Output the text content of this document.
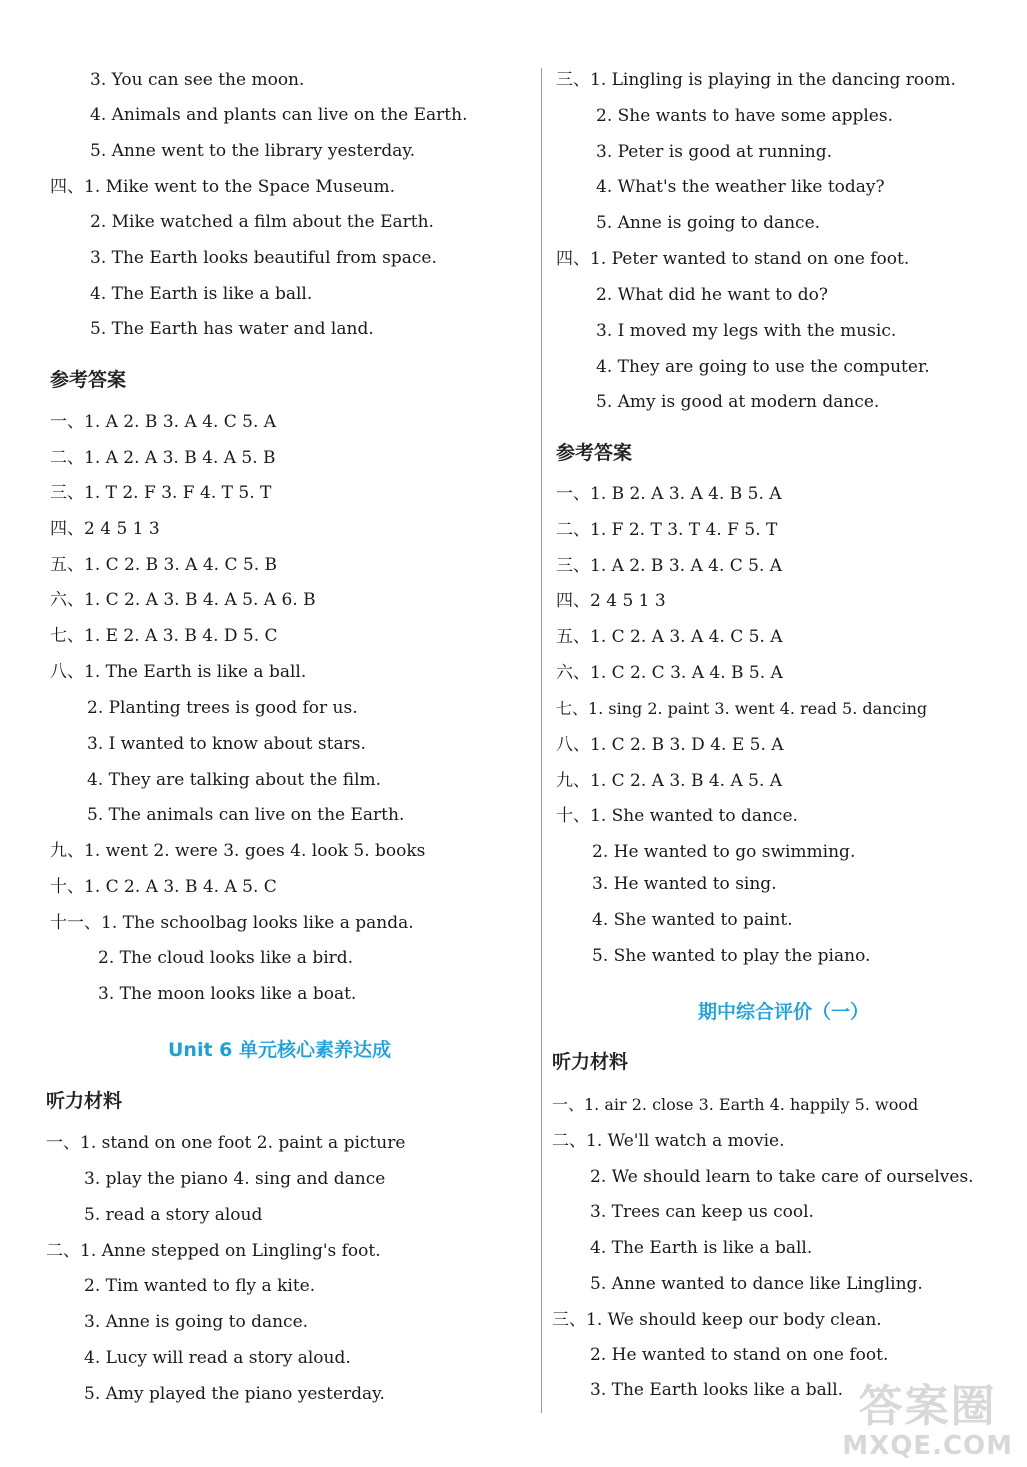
3. You can see the moon.
4. Animals and plants can live on the Earth.
5. Anne went to the library yesterday.
四、1. Mike went to the Space Museum.
2. Mike watched a film about the Earth.
3. The Earth looks beautiful from space.
4. The Earth is like a ball.
5. The Earth has water and land.
参考答案
一、1. A 2. B 3. A 4. C 5. A
二、1. A 2. A 3. B 4. A 5. B
三、1. T 2. F 3. F 4. T 5. T
四、2 4 5 1 3
五、1. C 2. B 3. A 4. C 5. B
六、1. C 2. A 3. B 4. A 5. A 6. B
七、1. E 2. A 3. B 4. D 5. C
八、1. The Earth is like a ball.
2. Planting trees is good for us.
3. I wanted to know about stars.
4. They are talking about the film.
5. The animals can live on the Earth.
九、1. went 2. were 3. goes 4. look 5. books
十、1. C 2. A 3. B 4. A 5. C
十一、1. The schoolbag looks like a panda.
2. The cloud looks like a bird.
3. The moon looks like a boat.
Unit 6 单元核心素养达成
听力材料
一、1. stand on one foot 2. paint a picture
3. play the piano 4. sing and dance
5. read a story aloud
二、1. Anne stepped on Lingling's foot.
2. Tim wanted to fly a kite.
3. Anne is going to dance.
4. Lucy will read a story aloud.
5. Amy played the piano yesterday.
三、1. Lingling is playing in the dancing room.
2. She wants to have some apples.
3. Peter is good at running.
4. What's the weather like today?
5. Anne is going to dance.
四、1. Peter wanted to stand on one foot.
2. What did he want to do?
3. I moved my legs with the music.
4. They are going to use the computer.
5. Amy is good at modern dance.
参考答案
一、1. B 2. A 3. A 4. B 5. A
二、1. F 2. T 3. T 4. F 5. T
三、1. A 2. B 3. A 4. C 5. A
四、2 4 5 1 3
五、1. C 2. A 3. A 4. C 5. A
六、1. C 2. C 3. A 4. B 5. A
七、1. sing 2. paint 3. went 4. read 5. dancing
八、1. C 2. B 3. D 4. E 5. A
九、1. C 2. A 3. B 4. A 5. A
十、1. She wanted to dance.
2. He wanted to go swimming.
3. He wanted to sing.
4. She wanted to paint.
5. She wanted to play the piano.
期中综合评价（一）
听力材料
一、1. air 2. close 3. Earth 4. happily 5. wood
二、1. We'll watch a movie.
2. We should learn to take care of ourselves.
3. Trees can keep us cool.
4. The Earth is like a ball.
5. Anne wanted to dance like Lingling.
三、1. We should keep our body clean.
2. He wanted to stand on one foot.
3. The Earth looks like a ball. 答案圈
MXQE.COM
